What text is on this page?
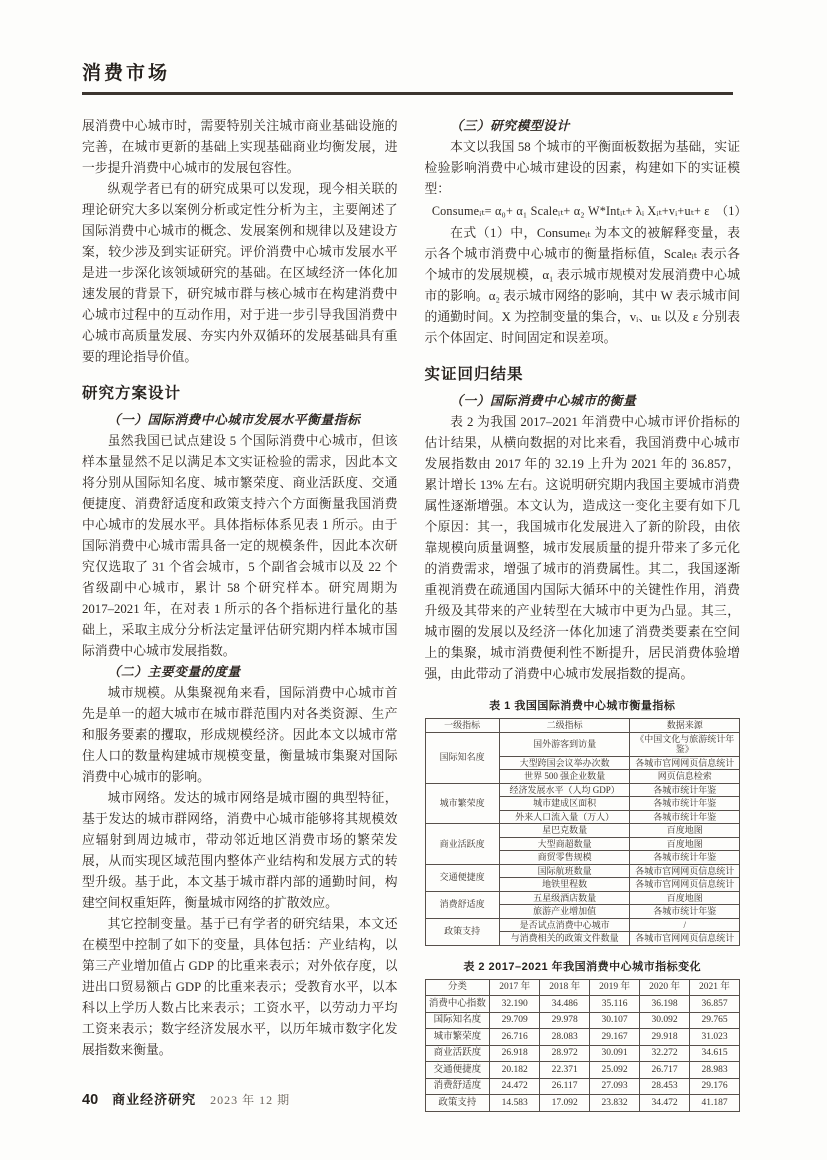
消费市场

展消费中心城市时，需要特别关注城市商业基础设施的完善，在城市更新的基础上实现基础商业均衡发展，进一步提升消费中心城市的发展包容性。

纵观学者已有的研究成果可以发现，现今相关联的理论研究大多以案例分析或定性分析为主，主要阐述了国际消费中心城市的概念、发展案例和规律以及建设方案，较少涉及到实证研究。评价消费中心城市发展水平是进一步深化该领域研究的基础。在区域经济一体化加速发展的背景下，研究城市群与核心城市在构建消费中心城市过程中的互动作用，对于进一步引导我国消费中心城市高质量发展、夯实内外双循环的发展基础具有重要的理论指导价值。

研究方案设计

（一）国际消费中心城市发展水平衡量指标

虽然我国已试点建设 5 个国际消费中心城市，但该样本量显然不足以满足本文实证检验的需求，因此本文将分别从国际知名度、城市繁荣度、商业活跃度、交通便捷度、消费舒适度和政策支持六个方面衡量我国消费中心城市的发展水平。具体指标体系见表 1 所示。由于国际消费中心城市需具备一定的规模条件，因此本次研究仅选取了 31 个省会城市，5 个副省会城市以及 22 个省级副中心城市，累计 58 个研究样本。研究周期为 2017–2021 年，在对表 1 所示的各个指标进行量化的基础上，采取主成分分析法定量评估研究期内样本城市国际消费中心城市发展指数。

（二）主要变量的度量

城市规模。从集聚视角来看，国际消费中心城市首先是单一的超大城市在城市群范围内对各类资源、生产和服务要素的攫取，形成规模经济。因此本文以城市常住人口的数量构建城市规模变量，衡量城市集聚对国际消费中心城市的影响。

城市网络。发达的城市网络是城市圈的典型特征，基于发达的城市群网络，消费中心城市能够将其规模效应辐射到周边城市，带动邻近地区消费市场的繁荣发展，从而实现区域范围内整体产业结构和发展方式的转型升级。基于此，本文基于城市群内部的通勤时间，构建空间权重矩阵，衡量城市网络的扩散效应。

其它控制变量。基于已有学者的研究结果，本文还在模型中控制了如下的变量，具体包括：产业结构，以第三产业增加值占 GDP 的比重来表示；对外依存度，以进出口贸易额占 GDP 的比重来表示；受教育水平，以本科以上学历人数占比来表示；工资水平，以劳动力平均工资来表示；数字经济发展水平，以历年城市数字化发展指数来衡量。

（三）研究模型设计

本文以我国 58 个城市的平衡面板数据为基础，实证检验影响消费中心城市建设的因素，构建如下的实证模型：

Consumeᵢₜ= α₀+ α₁ Scaleᵢₜ+ α₂ W*Intᵢₜ+ λᵢ Xᵢₜ+vᵢ+uₜ+ ε　（1）

在式（1）中，Consumeᵢₜ 为本文的被解释变量，表示各个城市消费中心城市的衡量指标值，Scaleᵢₜ 表示各个城市的发展规模，α₁ 表示城市规模对发展消费中心城市的影响。α₂ 表示城市网络的影响，其中 W 表示城市间的通勤时间。X 为控制变量的集合，vᵢ、uₜ 以及 ε 分别表示个体固定、时间固定和误差项。

实证回归结果

（一）国际消费中心城市的衡量

表 2 为我国 2017–2021 年消费中心城市评价指标的估计结果，从横向数据的对比来看，我国消费中心城市发展指数由 2017 年的 32.19 上升为 2021 年的 36.857，累计增长 13% 左右。这说明研究期内我国主要城市消费属性逐渐增强。本文认为，造成这一变化主要有如下几个原因：其一，我国城市化发展进入了新的阶段，由依靠规模向质量调整，城市发展质量的提升带来了多元化的消费需求，增强了城市的消费属性。其二，我国逐渐重视消费在疏通国内国际大循环中的关键性作用，消费升级及其带来的产业转型在大城市中更为凸显。其三，城市圈的发展以及经济一体化加速了消费类要素在空间上的集聚，城市消费便利性不断提升，居民消费体验增强，由此带动了消费中心城市发展指数的提高。

表 1 我国国际消费中心城市衡量指标
一级指标	二级指标	数据来源
国际知名度	国外游客到访量	《中国文化与旅游统计年鉴》
	大型跨国会议举办次数	各城市官网网页信息统计
	世界 500 强企业数量	网页信息检索
城市繁荣度	经济发展水平（人均 GDP）	各城市统计年鉴
	城市建成区面积	各城市统计年鉴
	外来人口流入量（万人）	各城市统计年鉴
商业活跃度	星巴克数量	百度地图
	大型商超数量	百度地图
	商贸零售规模	各城市统计年鉴
交通便捷度	国际航班数量	各城市官网网页信息统计
	地铁里程数	各城市官网网页信息统计
消费舒适度	五星级酒店数量	百度地图
	旅游产业增加值	各城市统计年鉴
政策支持	是否试点消费中心城市	/
	与消费相关的政策文件数量	各城市官网网页信息统计
表 2 2017–2021 年我国消费中心城市指标变化
分类	2017 年	2018 年	2019 年	2020 年	2021 年
消费中心指数	32.190	34.486	35.116	36.198	36.857
国际知名度	29.709	29.978	30.107	30.092	29.765
城市繁荣度	26.716	28.083	29.167	29.918	31.023
商业活跃度	26.918	28.972	30.091	32.272	34.615
交通便捷度	20.182	22.371	25.092	26.717	28.983
消费舒适度	24.472	26.117	27.093	28.453	29.176
政策支持	14.583	17.092	23.832	34.472	41.187
40 商业经济研究 2023 年 12 期
